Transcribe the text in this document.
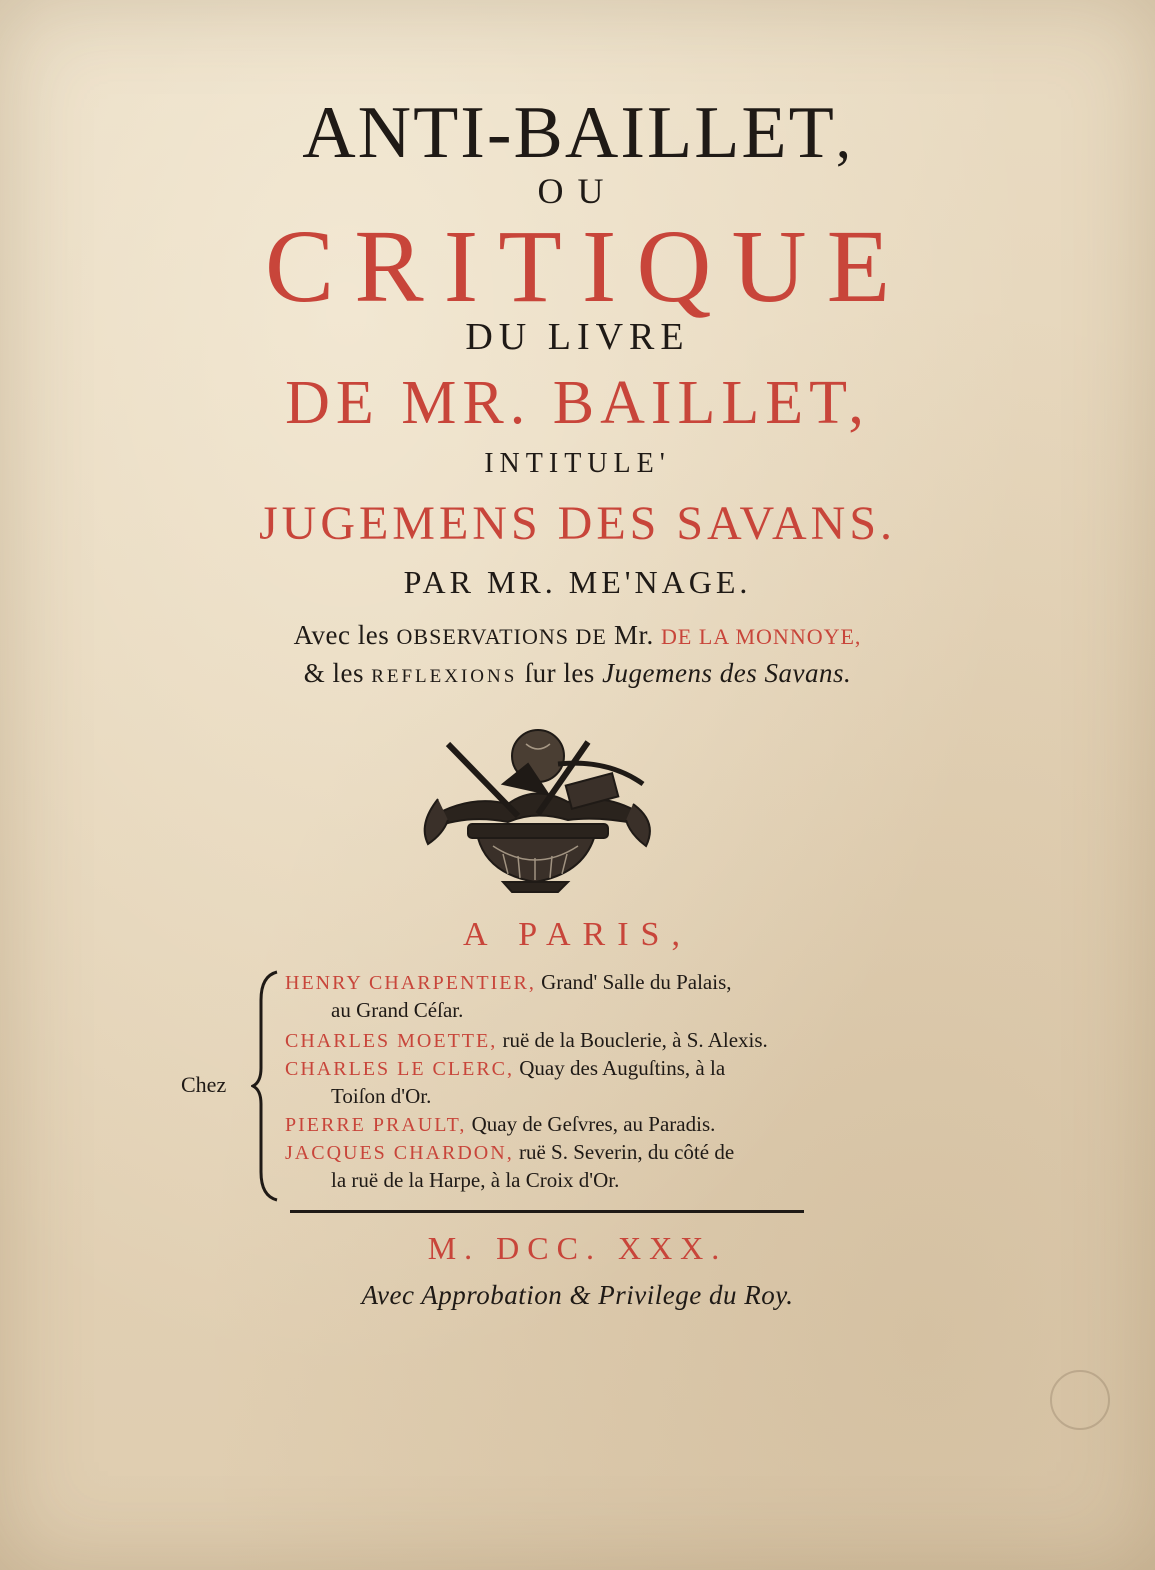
ANTI-BAILLET,

OU

CRITIQUE

DU LIVRE

DE MR. BAILLET,

INTITULE'

JUGEMENS DES SAVANS.

PAR MR. ME'NAGE.

Avec les OBSERVATIONS DE Mr. DE LA MONNOYE,

& les REFLEXIONS ſur les Jugemens des Savans.

A PARIS,

Chez
HENRY CHARPENTIER, Grand' Salle du Palais,
au Grand Céſar.
CHARLES MOETTE, ruë de la Bouclerie, à S. Alexis.
CHARLES LE CLERC, Quay des Auguſtins, à la
Toiſon d'Or.
PIERRE PRAULT, Quay de Geſvres, au Paradis.
JACQUES CHARDON, ruë S. Severin, du côté de
la ruë de la Harpe, à la Croix d'Or.

M. DCC. XXX.

Avec Approbation & Privilege du Roy.
